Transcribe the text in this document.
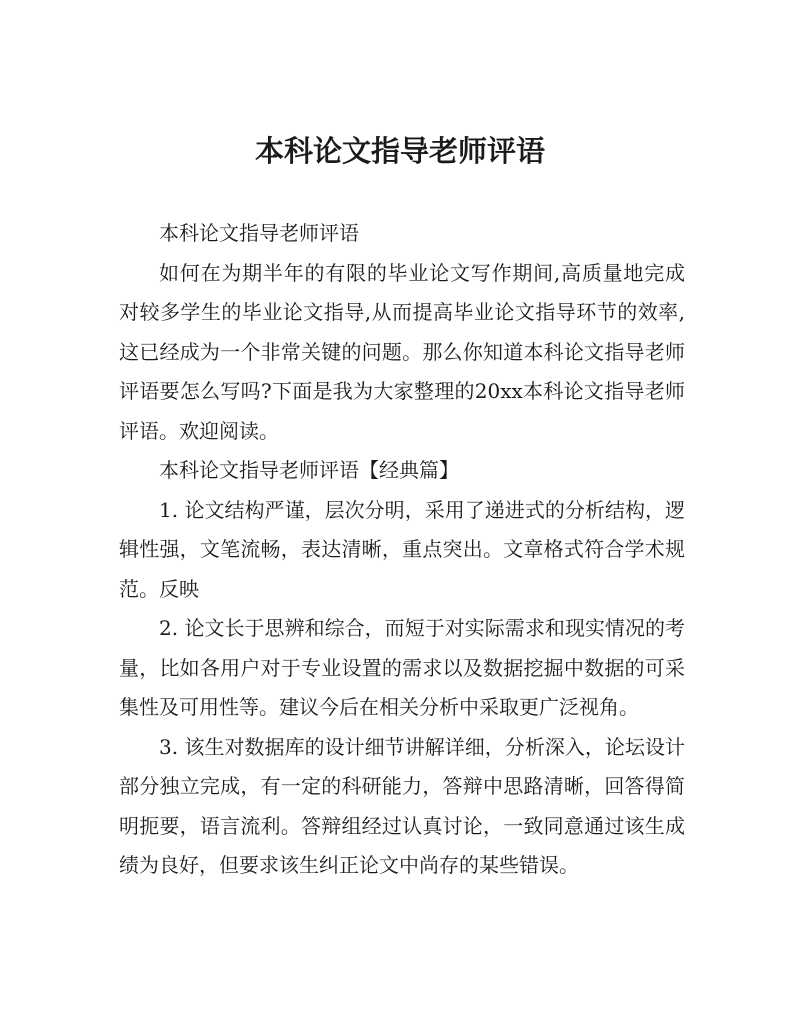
本科论文指导老师评语

本科论文指导老师评语

如何在为期半年的有限的毕业论文写作期间,高质量地完成对较多学生的毕业论文指导,从而提高毕业论文指导环节的效率,这已经成为一个非常关键的问题。那么你知道本科论文指导老师评语要怎么写吗?下面是我为大家整理的20xx本科论文指导老师评语。欢迎阅读。

本科论文指导老师评语【经典篇】

1. 论文结构严谨，层次分明，采用了递进式的分析结构，逻辑性强，文笔流畅，表达清晰，重点突出。文章格式符合学术规范。反映

2. 论文长于思辨和综合，而短于对实际需求和现实情况的考量，比如各用户对于专业设置的需求以及数据挖掘中数据的可采集性及可用性等。建议今后在相关分析中采取更广泛视角。

3. 该生对数据库的设计细节讲解详细，分析深入，论坛设计部分独立完成，有一定的科研能力，答辩中思路清晰，回答得简明扼要，语言流利。答辩组经过认真讨论，一致同意通过该生成绩为良好，但要求该生纠正论文中尚存的某些错误。
